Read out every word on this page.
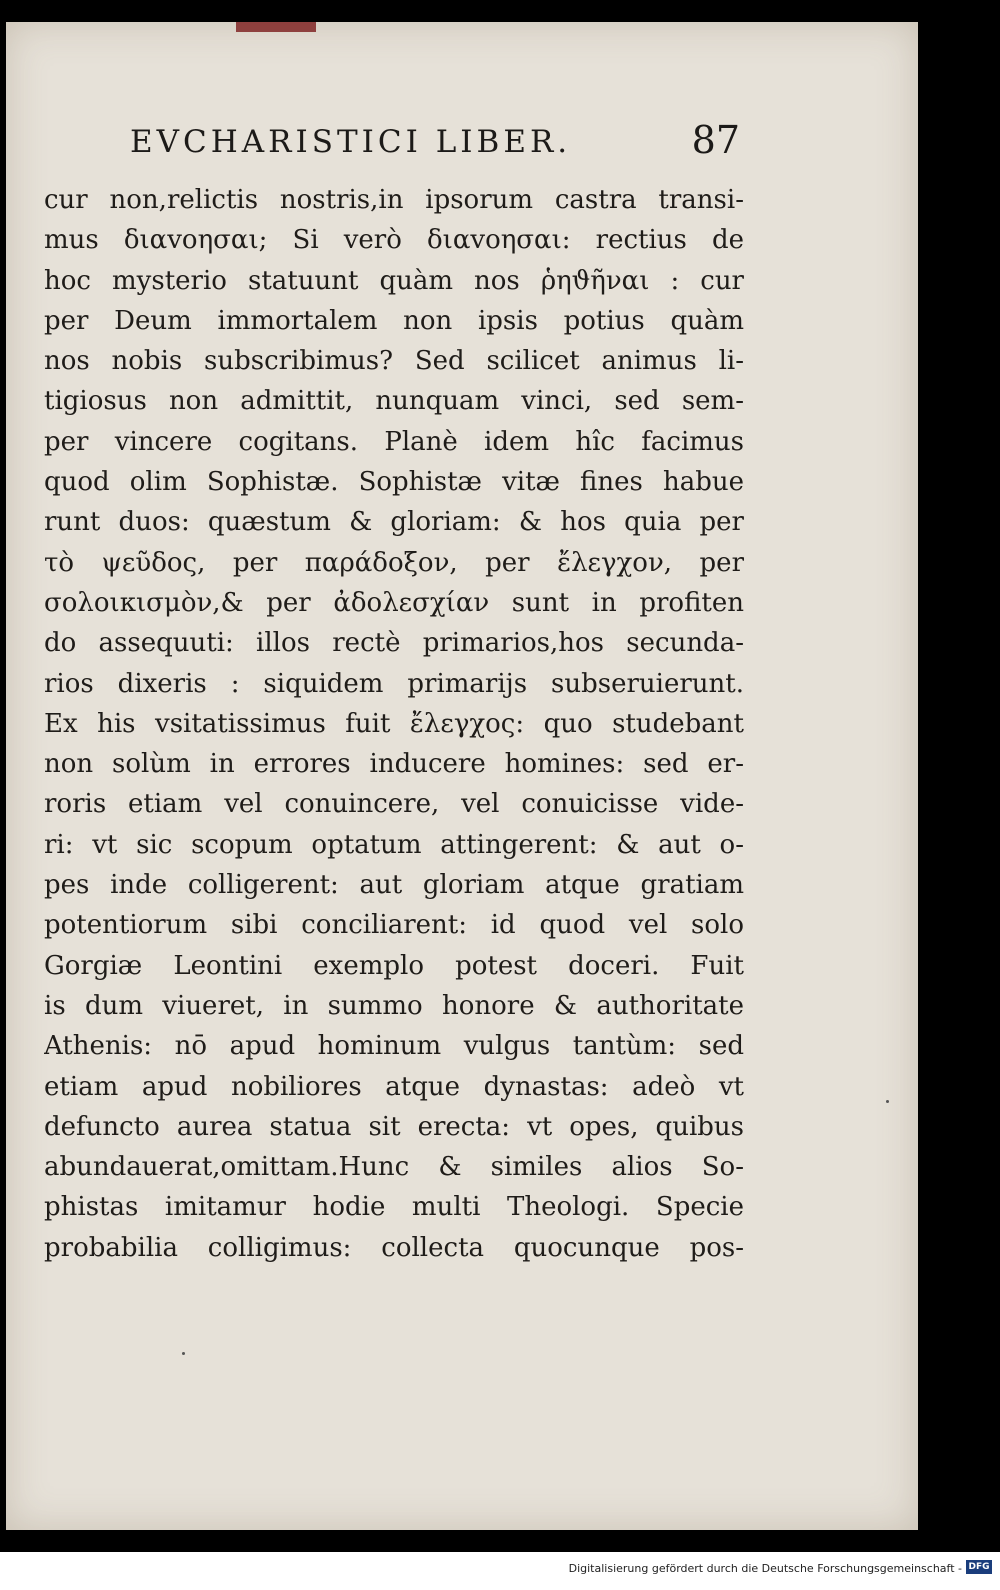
EVCHARISTICI LIBER.	87
cur non,relictis nostris,in ipsorum castra transi-
mus διαvοησαι; Si verò διαvοησαι: rectius de
hoc mysterio statuunt quàm nos ῥηϑῆναι : cur
per Deum immortalem non ipsis potius quàm
nos nobis subscribimus? Sed scilicet animus li-
tigiosus non admittit, nunquam vinci, sed sem-
per vincere cogitans. Planè idem hîc facimus
quod olim Sophistæ. Sophistæ vitæ fines habue
runt duos: quæstum & gloriam: & hos quia per
τὸ ψεῦδος, per παράδοξον, per ἔλεγχον, per
σολοικισμὸν,& per ἀδολεσχίαν sunt in profiten
do assequuti: illos rectè primarios,hos secunda-
rios dixeris : siquidem primarijs subseruierunt.
Ex his vsitatissimus fuit ἔλεγχος: quo studebant
non solùm in errores inducere homines: sed er-
roris etiam vel conuincere, vel conuicisse vide-
ri: vt sic scopum optatum attingerent: & aut o-
pes inde colligerent: aut gloriam atque gratiam
potentiorum sibi conciliarent: id quod vel solo
Gorgiæ Leontini exemplo potest doceri. Fuit
is dum viueret, in summo honore & authoritate
Athenis: nō apud hominum vulgus tantùm: sed
etiam apud nobiliores atque dynastas: adeò vt
defuncto aurea statua sit erecta: vt opes, quibus
abundauerat,omittam.Hunc & similes alios So-
phistas imitamur hodie multi Theologi. Specie
probabilia colligimus: collecta quocunque pos-
Digitalisierung gefördert durch die Deutsche Forschungsgemeinschaft - DFG
